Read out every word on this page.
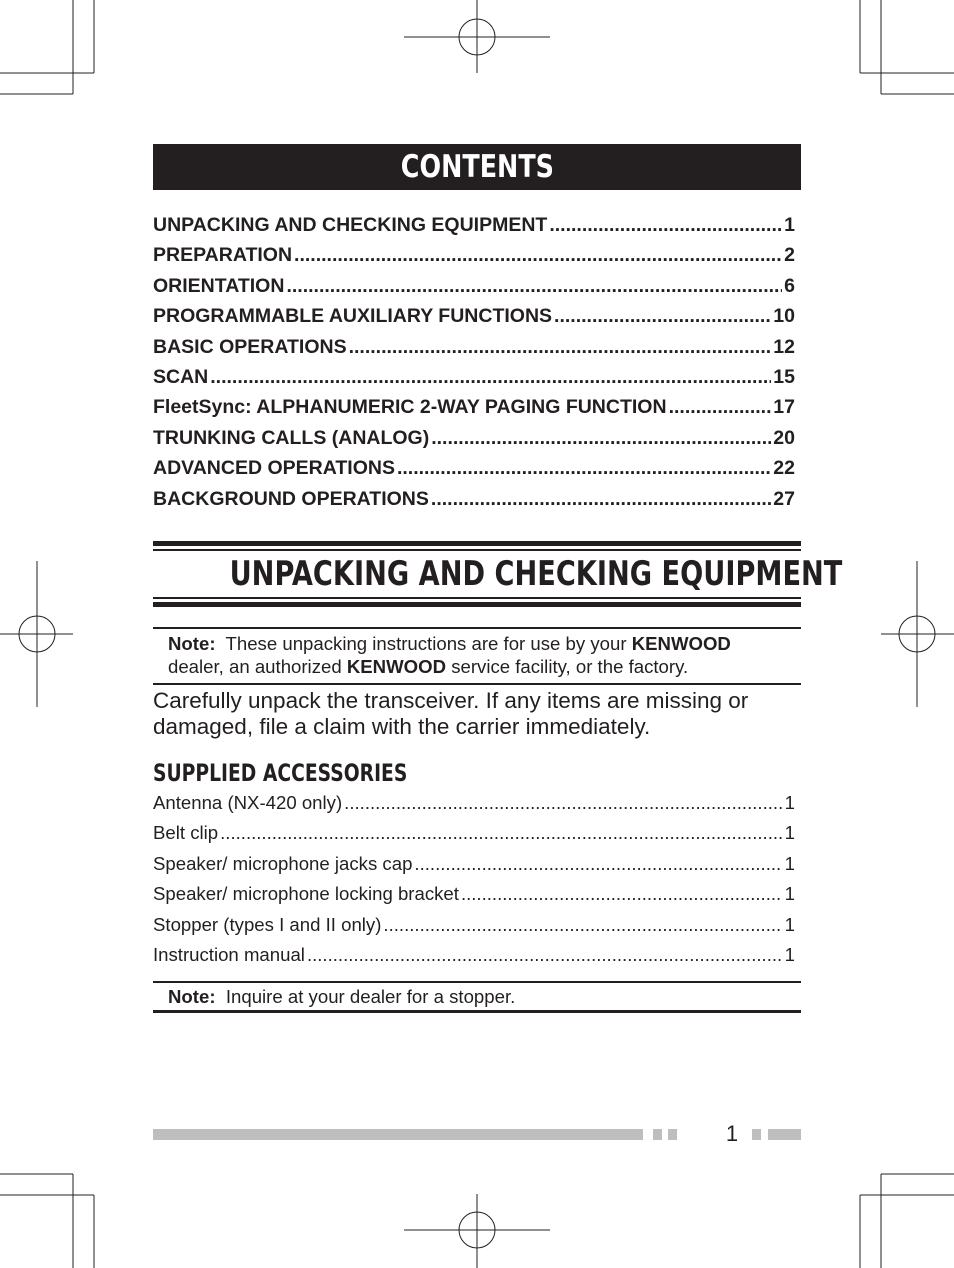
CONTENTS
UNPACKING AND CHECKING EQUIPMENT .....	1
PREPARATION .....	2
ORIENTATION .....	6
PROGRAMMABLE AUXILIARY FUNCTIONS .....	10
BASIC OPERATIONS .....	12
SCAN .....	15
FleetSync: ALPHANUMERIC 2-WAY PAGING FUNCTION .....	17
TRUNKING CALLS (ANALOG) .....	20
ADVANCED OPERATIONS .....	22
BACKGROUND OPERATIONS .....	27
UNPACKING AND CHECKING EQUIPMENT
Note: These unpacking instructions are for use by your KENWOOD
dealer, an authorized KENWOOD service facility, or the factory.
Carefully unpack the transceiver. If any items are missing or damaged, file a claim with the carrier immediately.
SUPPLIED ACCESSORIES
Antenna (NX-420 only) .....	1
Belt clip .....	1
Speaker/ microphone jacks cap .....	1
Speaker/ microphone locking bracket .....	1
Stopper (types I and II only) .....	1
Instruction manual .....	1
Note: Inquire at your dealer for a stopper.
1
